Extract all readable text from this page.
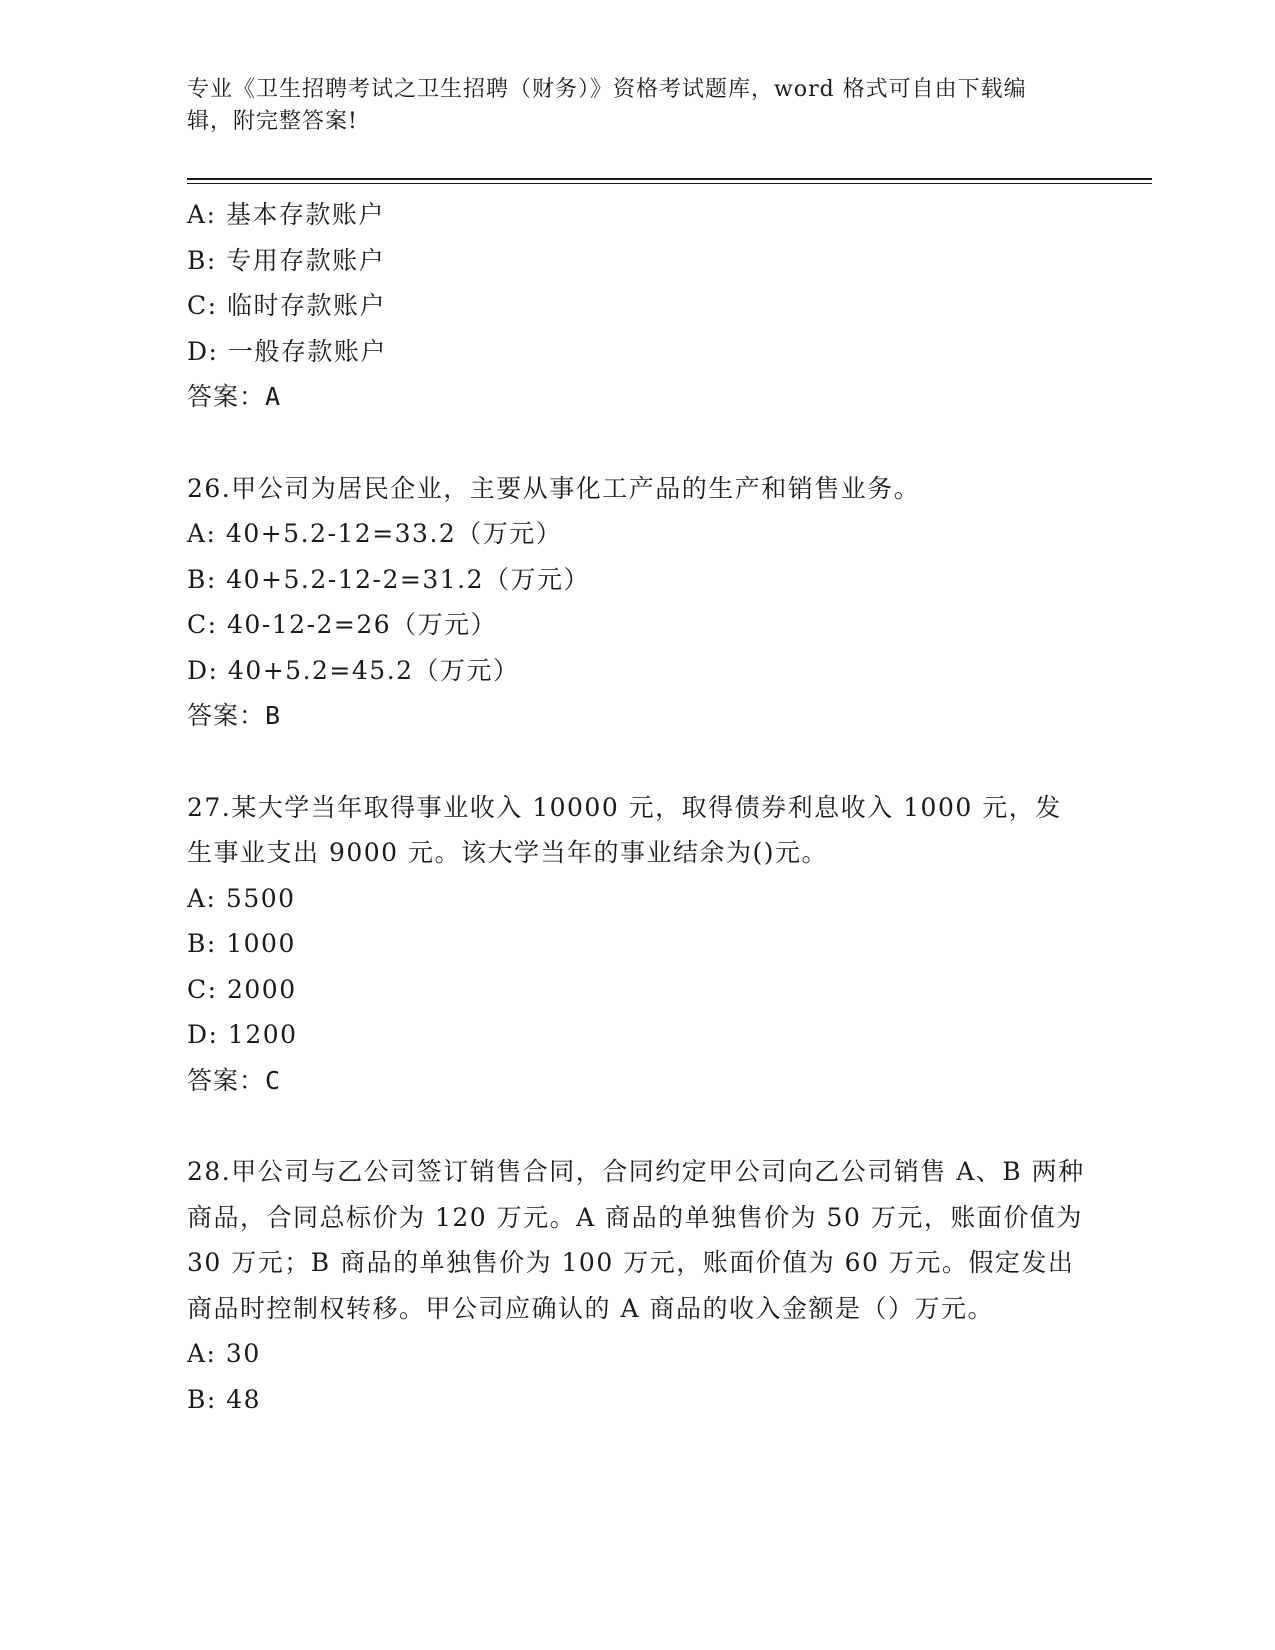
专业《卫生招聘考试之卫生招聘（财务）》资格考试题库，word 格式可自由下载编辑，附完整答案!
A: 基本存款账户
B: 专用存款账户
C: 临时存款账户
D: 一般存款账户
答案：A
26.甲公司为居民企业，主要从事化工产品的生产和销售业务。
A: 40+5.2-12=33.2（万元）
B: 40+5.2-12-2=31.2（万元）
C: 40-12-2=26（万元）
D: 40+5.2=45.2（万元）
答案：B
27.某大学当年取得事业收入 10000 元，取得债券利息收入 1000 元，发生事业支出 9000 元。该大学当年的事业结余为()元。
A: 5500
B: 1000
C: 2000
D: 1200
答案：C
28.甲公司与乙公司签订销售合同，合同约定甲公司向乙公司销售 A、B 两种商品，合同总标价为 120 万元。A 商品的单独售价为 50 万元，账面价值为 30 万元；B 商品的单独售价为 100 万元，账面价值为 60 万元。假定发出商品时控制权转移。甲公司应确认的 A 商品的收入金额是（）万元。
A: 30
B: 48
